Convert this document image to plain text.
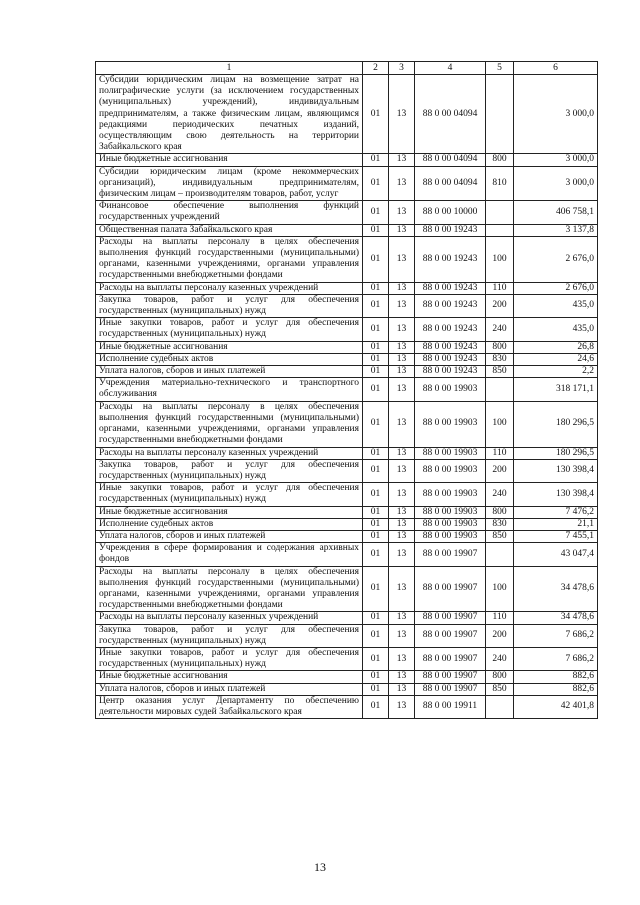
1	2	3	4	5	6
Субсидии юридическим лицам на возмещение затрат на полиграфические услуги (за исключением государственных (муниципальных) учреждений), индивидуальным предпринимателям, а также физическим лицам, являющимся редакциями периодических печатных изданий, осуществляющим свою деятельность на территории Забайкальского края	01	13	88 0 00 04094		3 000,0
Иные бюджетные ассигнования	01	13	88 0 00 04094	800	3 000,0
Субсидии юридическим лицам (кроме некоммерческих организаций), индивидуальным предпринимателям, физическим лицам – производителям товаров, работ, услуг	01	13	88 0 00 04094	810	3 000,0
Финансовое обеспечение выполнения функций государственных учреждений	01	13	88 0 00 10000		406 758,1
Общественная палата Забайкальского края	01	13	88 0 00 19243		3 137,8
Расходы на выплаты персоналу в целях обеспечения выполнения функций государственными (муниципальными) органами, казенными учреждениями, органами управления государственными внебюджетными фондами	01	13	88 0 00 19243	100	2 676,0
Расходы на выплаты персоналу казенных учреждений	01	13	88 0 00 19243	110	2 676,0
Закупка товаров, работ и услуг для обеспечения государственных (муниципальных) нужд	01	13	88 0 00 19243	200	435,0
Иные закупки товаров, работ и услуг для обеспечения государственных (муниципальных) нужд	01	13	88 0 00 19243	240	435,0
Иные бюджетные ассигнования	01	13	88 0 00 19243	800	26,8
Исполнение судебных актов	01	13	88 0 00 19243	830	24,6
Уплата налогов, сборов и иных платежей	01	13	88 0 00 19243	850	2,2
Учреждения материально-технического и транспортного обслуживания	01	13	88 0 00 19903		318 171,1
Расходы на выплаты персоналу в целях обеспечения выполнения функций государственными (муниципальными) органами, казенными учреждениями, органами управления государственными внебюджетными фондами	01	13	88 0 00 19903	100	180 296,5
Расходы на выплаты персоналу казенных учреждений	01	13	88 0 00 19903	110	180 296,5
Закупка товаров, работ и услуг для обеспечения государственных (муниципальных) нужд	01	13	88 0 00 19903	200	130 398,4
Иные закупки товаров, работ и услуг для обеспечения государственных (муниципальных) нужд	01	13	88 0 00 19903	240	130 398,4
Иные бюджетные ассигнования	01	13	88 0 00 19903	800	7 476,2
Исполнение судебных актов	01	13	88 0 00 19903	830	21,1
Уплата налогов, сборов и иных платежей	01	13	88 0 00 19903	850	7 455,1
Учреждения в сфере формирования и содержания архивных фондов	01	13	88 0 00 19907		43 047,4
Расходы на выплаты персоналу в целях обеспечения выполнения функций государственными (муниципальными) органами, казенными учреждениями, органами управления государственными внебюджетными фондами	01	13	88 0 00 19907	100	34 478,6
Расходы на выплаты персоналу казенных учреждений	01	13	88 0 00 19907	110	34 478,6
Закупка товаров, работ и услуг для обеспечения государственных (муниципальных) нужд	01	13	88 0 00 19907	200	7 686,2
Иные закупки товаров, работ и услуг для обеспечения государственных (муниципальных) нужд	01	13	88 0 00 19907	240	7 686,2
Иные бюджетные ассигнования	01	13	88 0 00 19907	800	882,6
Уплата налогов, сборов и иных платежей	01	13	88 0 00 19907	850	882,6
Центр оказания услуг Департаменту по обеспечению деятельности мировых судей Забайкальского края	01	13	88 0 00 19911		42 401,8
13
